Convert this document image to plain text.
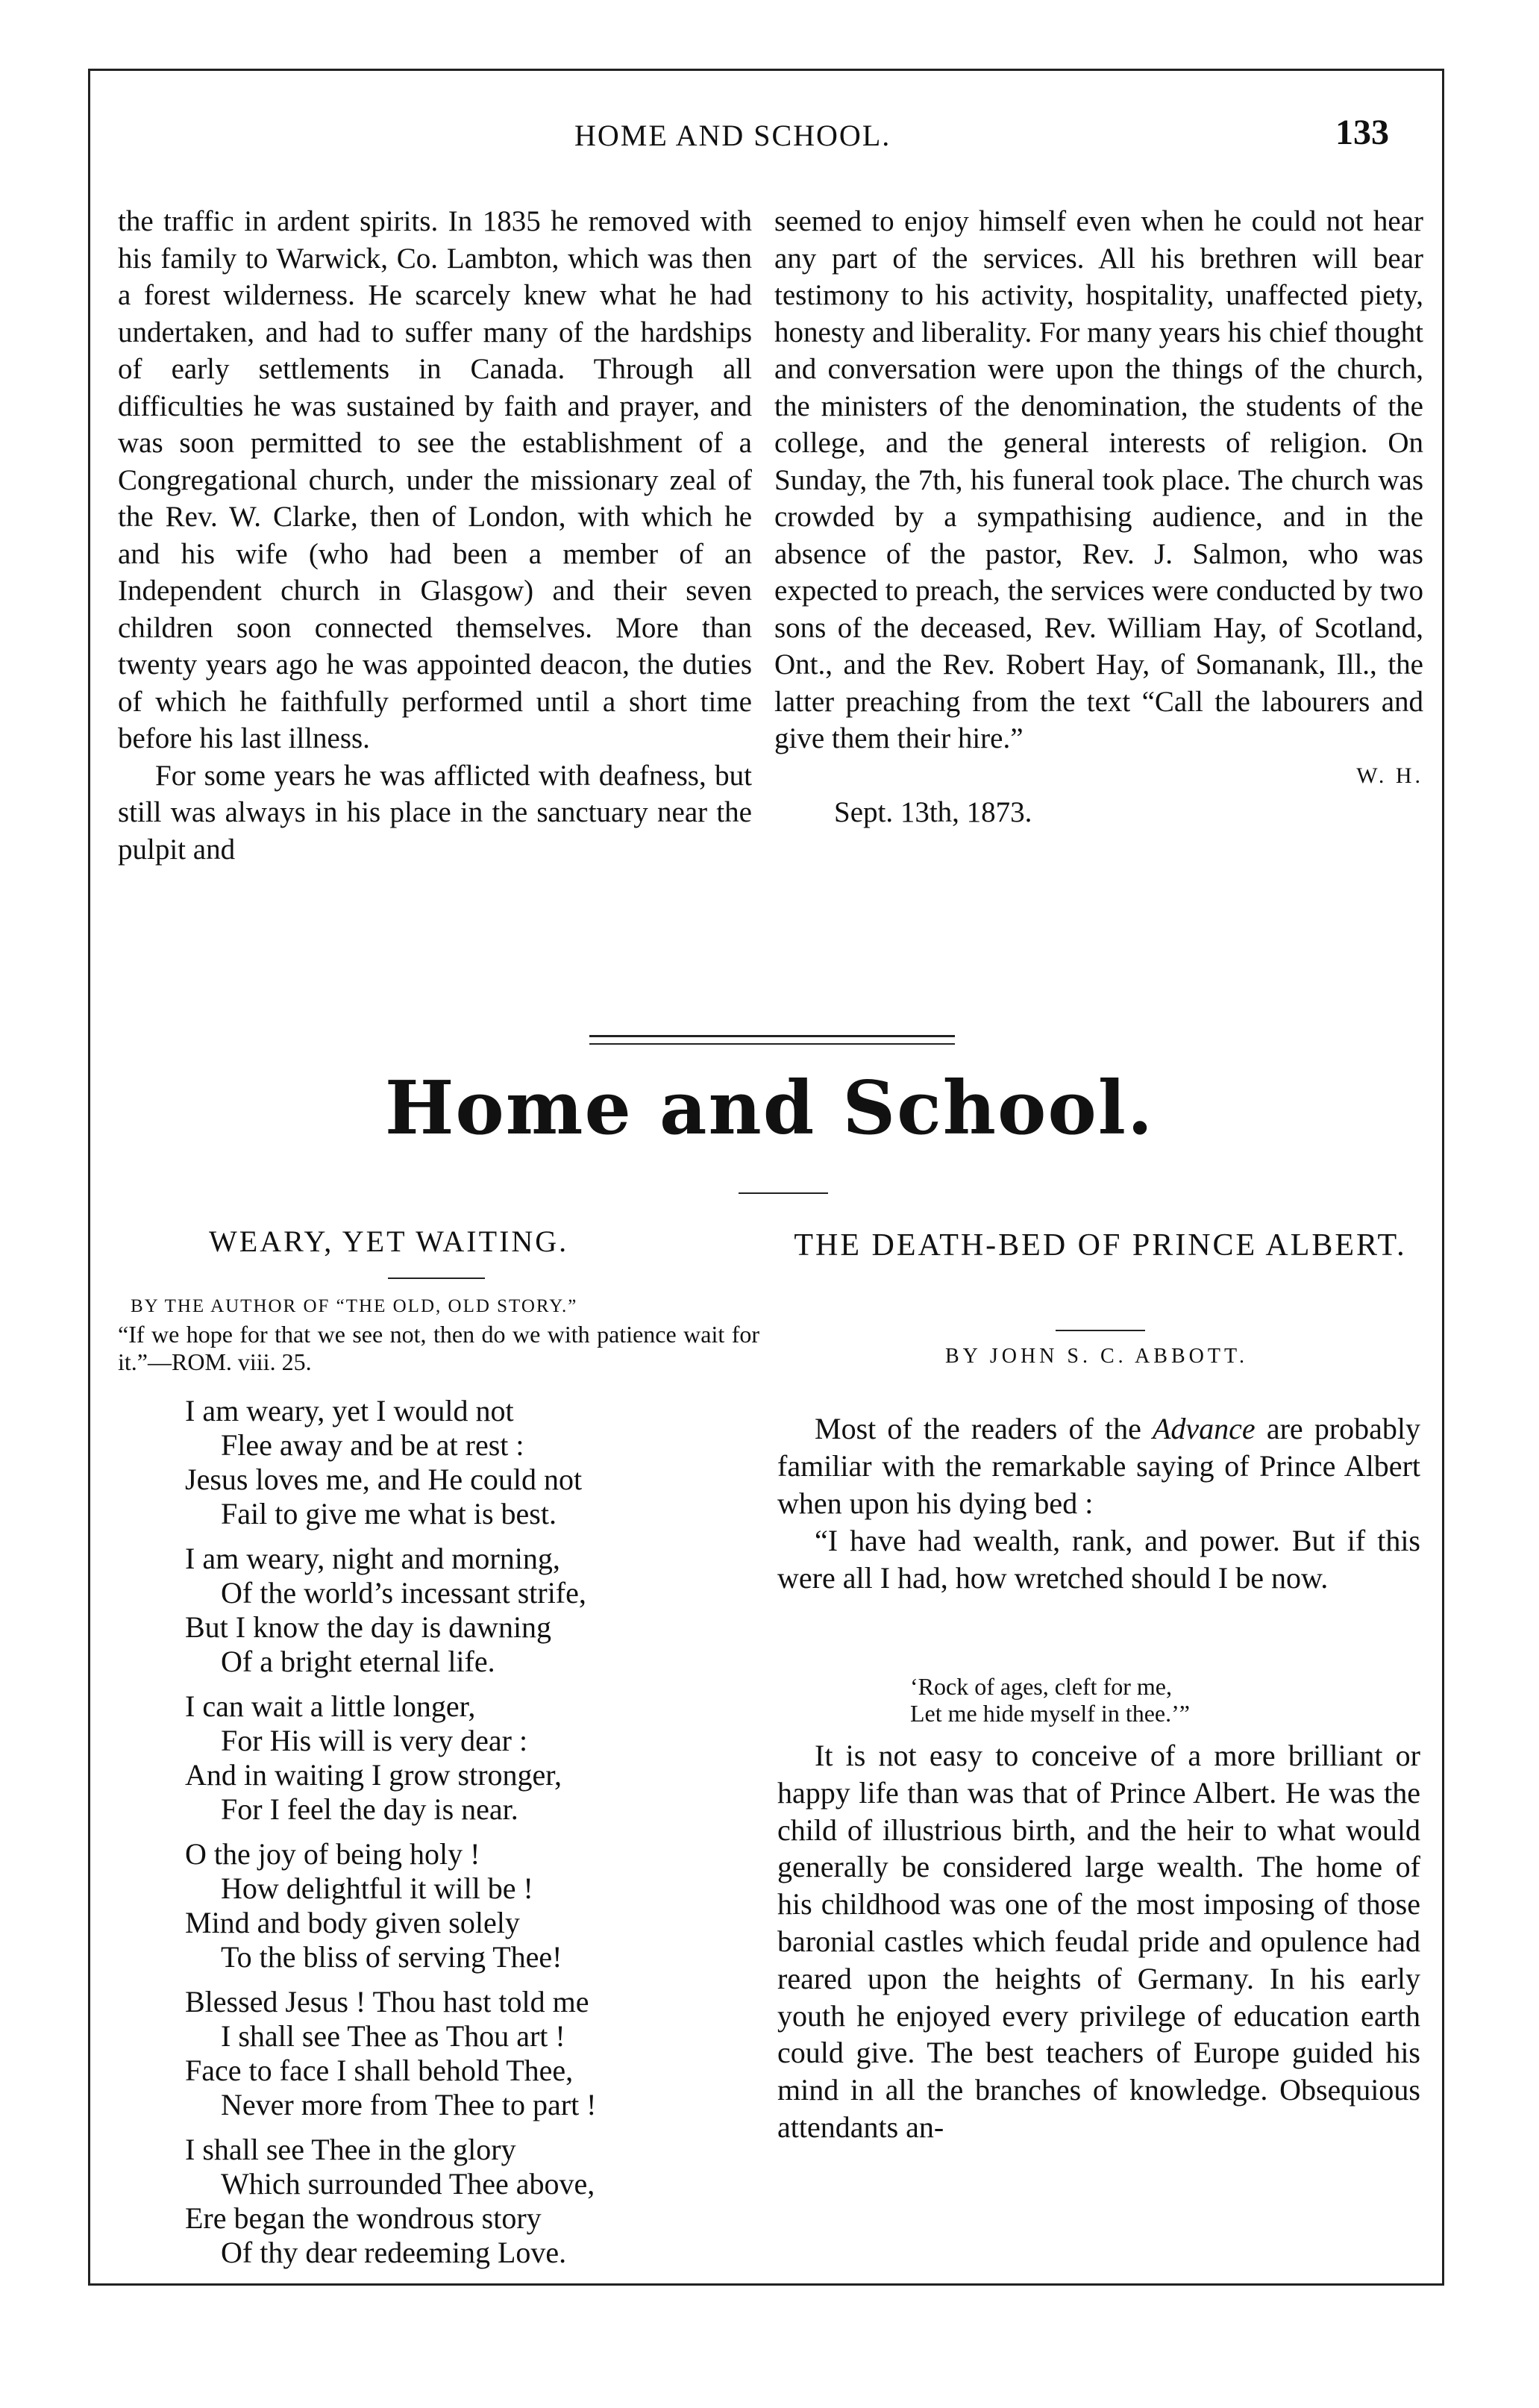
HOME AND SCHOOL.	133

the traffic in ardent spirits. In 1835 he removed with his family to Warwick, Co. Lambton, which was then a forest wilderness. He scarcely knew what he had undertaken, and had to suffer many of the hardships of early settlements in Canada. Through all difficulties he was sustained by faith and prayer, and was soon permitted to see the establishment of a Congregational church, under the missionary zeal of the Rev. W. Clarke, then of London, with which he and his wife (who had been a member of an Independent church in Glasgow) and their seven children soon connected themselves. More than twenty years ago he was appointed deacon, the duties of which he faithfully performed until a short time before his last illness.

For some years he was afflicted with deafness, but still was always in his place in the sanctuary near the pulpit and

seemed to enjoy himself even when he could not hear any part of the services. All his brethren will bear testimony to his activity, hospitality, unaffected piety, honesty and liberality. For many years his chief thought and conversation were upon the things of the church, the ministers of the denomination, the students of the college, and the general interests of religion. On Sunday, the 7th, his funeral took place. The church was crowded by a sympathising audience, and in the absence of the pastor, Rev. J. Salmon, who was expected to preach, the services were conducted by two sons of the deceased, Rev. William Hay, of Scotland, Ont., and the Rev. Robert Hay, of Somanank, Ill., the latter preaching from the text “Call the labourers and give them their hire.”

W. H.

Sept. 13th, 1873.

Home and School.
WEARY, YET WAITING.
BY THE AUTHOR OF “THE OLD, OLD STORY.”
“If we hope for that we see not, then do we with patience wait for it.”—ROM. viii. 25.
I am weary, yet I would not
Flee away and be at rest :
Jesus loves me, and He could not
Fail to give me what is best.
I am weary, night and morning,
Of the world’s incessant strife,
But I know the day is dawning
Of a bright eternal life.
I can wait a little longer,
For His will is very dear :
And in waiting I grow stronger,
For I feel the day is near.
O the joy of being holy !
How delightful it will be !
Mind and body given solely
To the bliss of serving Thee!
Blessed Jesus ! Thou hast told me
I shall see Thee as Thou art !
Face to face I shall behold Thee,
Never more from Thee to part !
I shall see Thee in the glory
Which surrounded Thee above,
Ere began the wondrous story
Of thy dear redeeming Love.
THE DEATH-BED OF PRINCE ALBERT.
BY JOHN S. C. ABBOTT.

Most of the readers of the Advance are probably familiar with the remarkable saying of Prince Albert when upon his dying bed :

“I have had wealth, rank, and power. But if this were all I had, how wretched should I be now.

‘Rock of ages, cleft for me,
Let me hide myself in thee.’”

It is not easy to conceive of a more brilliant or happy life than was that of Prince Albert. He was the child of illustrious birth, and the heir to what would generally be considered large wealth. The home of his childhood was one of the most imposing of those baronial castles which feudal pride and opulence had reared upon the heights of Germany. In his early youth he enjoyed every privilege of education earth could give. The best teachers of Europe guided his mind in all the branches of knowledge. Obsequious attendants an-
